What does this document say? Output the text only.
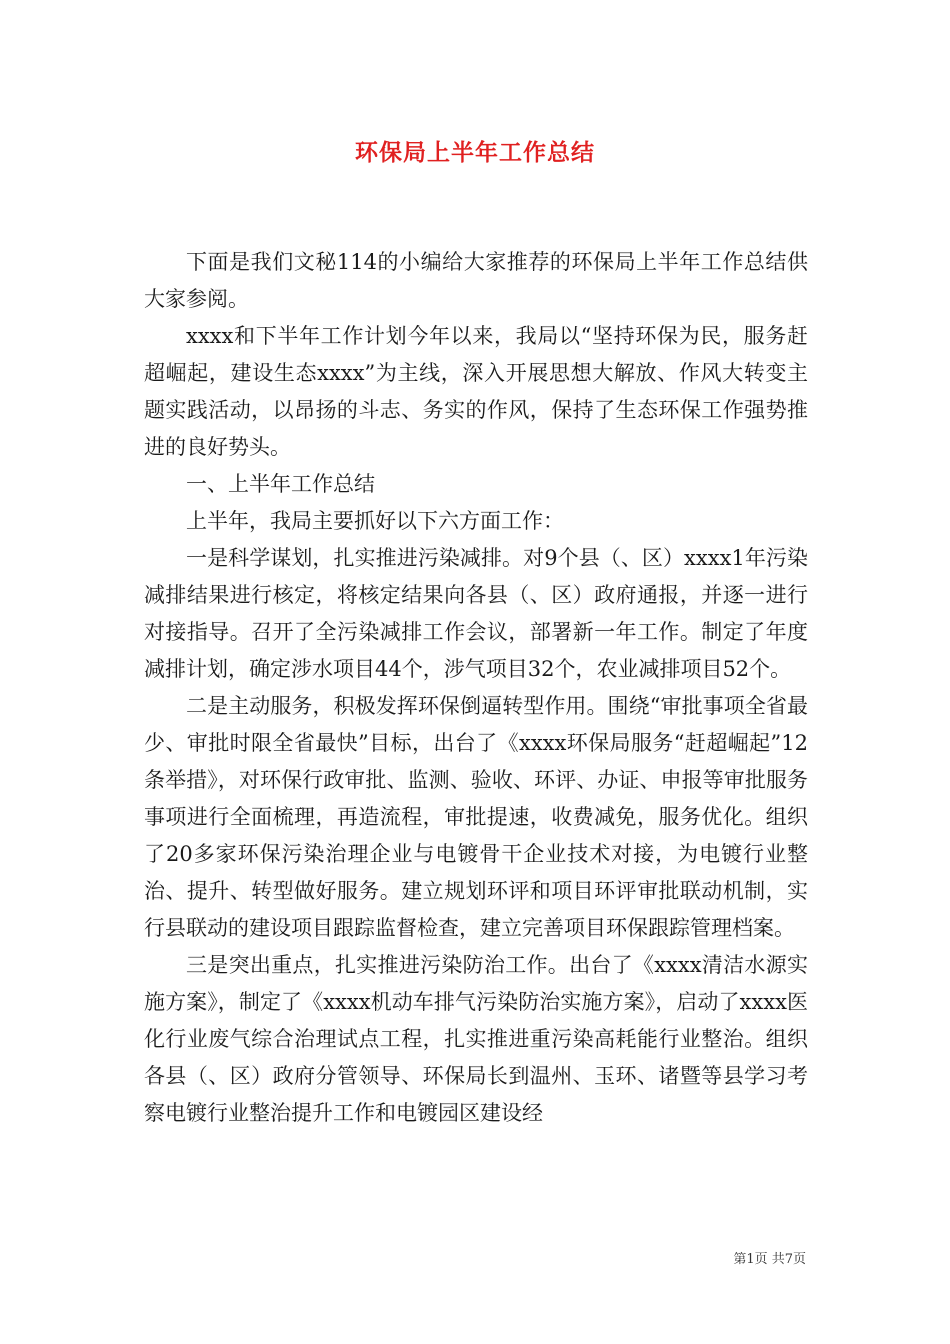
环保局上半年工作总结

下面是我们文秘114的小编给大家推荐的环保局上半年工作总结供大家参阅。

xxxx和下半年工作计划今年以来，我局以“坚持环保为民，服务赶超崛起，建设生态xxxx”为主线，深入开展思想大解放、作风大转变主题实践活动，以昂扬的斗志、务实的作风，保持了生态环保工作强势推进的良好势头。

一、上半年工作总结

上半年，我局主要抓好以下六方面工作：

一是科学谋划，扎实推进污染减排。对9个县（、区）xxxx1年污染减排结果进行核定，将核定结果向各县（、区）政府通报，并逐一进行对接指导。召开了全污染减排工作会议，部署新一年工作。制定了年度减排计划，确定涉水项目44个，涉气项目32个，农业减排项目52个。

二是主动服务，积极发挥环保倒逼转型作用。围绕“审批事项全省最少、审批时限全省最快”目标，出台了《xxxx环保局服务“赶超崛起”12条举措》，对环保行政审批、监测、验收、环评、办证、申报等审批服务事项进行全面梳理，再造流程，审批提速，收费减免，服务优化。组织了20多家环保污染治理企业与电镀骨干企业技术对接，为电镀行业整治、提升、转型做好服务。建立规划环评和项目环评审批联动机制，实行县联动的建设项目跟踪监督检查，建立完善项目环保跟踪管理档案。

三是突出重点，扎实推进污染防治工作。出台了《xxxx清洁水源实施方案》，制定了《xxxx机动车排气污染防治实施方案》，启动了xxxx医化行业废气综合治理试点工程，扎实推进重污染高耗能行业整治。组织各县（、区）政府分管领导、环保局长到温州、玉环、诸暨等县学习考察电镀行业整治提升工作和电镀园区建设经

第1页 共7页
